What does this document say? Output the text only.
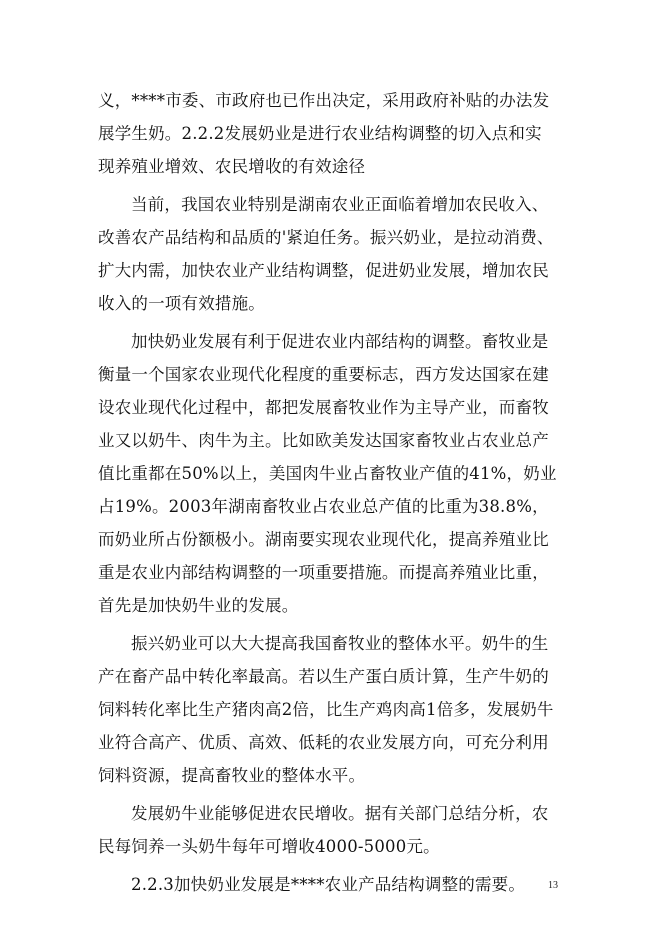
义，****市委、市政府也已作出决定，采用政府补贴的办法发展学生奶。2.2.2发展奶业是进行农业结构调整的切入点和实现养殖业增效、农民增收的有效途径

当前，我国农业特别是湖南农业正面临着增加农民收入、改善农产品结构和品质的'紧迫任务。振兴奶业，是拉动消费、扩大内需，加快农业产业结构调整，促进奶业发展，增加农民收入的一项有效措施。

加快奶业发展有利于促进农业内部结构的调整。畜牧业是衡量一个国家农业现代化程度的重要标志，西方发达国家在建设农业现代化过程中，都把发展畜牧业作为主导产业，而畜牧业又以奶牛、肉牛为主。比如欧美发达国家畜牧业占农业总产值比重都在50%以上，美国肉牛业占畜牧业产值的41%，奶业占19%。2003年湖南畜牧业占农业总产值的比重为38.8%，而奶业所占份额极小。湖南要实现农业现代化，提高养殖业比重是农业内部结构调整的一项重要措施。而提高养殖业比重，首先是加快奶牛业的发展。

振兴奶业可以大大提高我国畜牧业的整体水平。奶牛的生产在畜产品中转化率最高。若以生产蛋白质计算，生产牛奶的饲料转化率比生产猪肉高2倍，比生产鸡肉高1倍多，发展奶牛业符合高产、优质、高效、低耗的农业发展方向，可充分利用饲料资源，提高畜牧业的整体水平。

发展奶牛业能够促进农民增收。据有关部门总结分析，农民每饲养一头奶牛每年可增收4000-5000元。

2.2.3加快奶业发展是****农业产品结构调整的需要。	13
